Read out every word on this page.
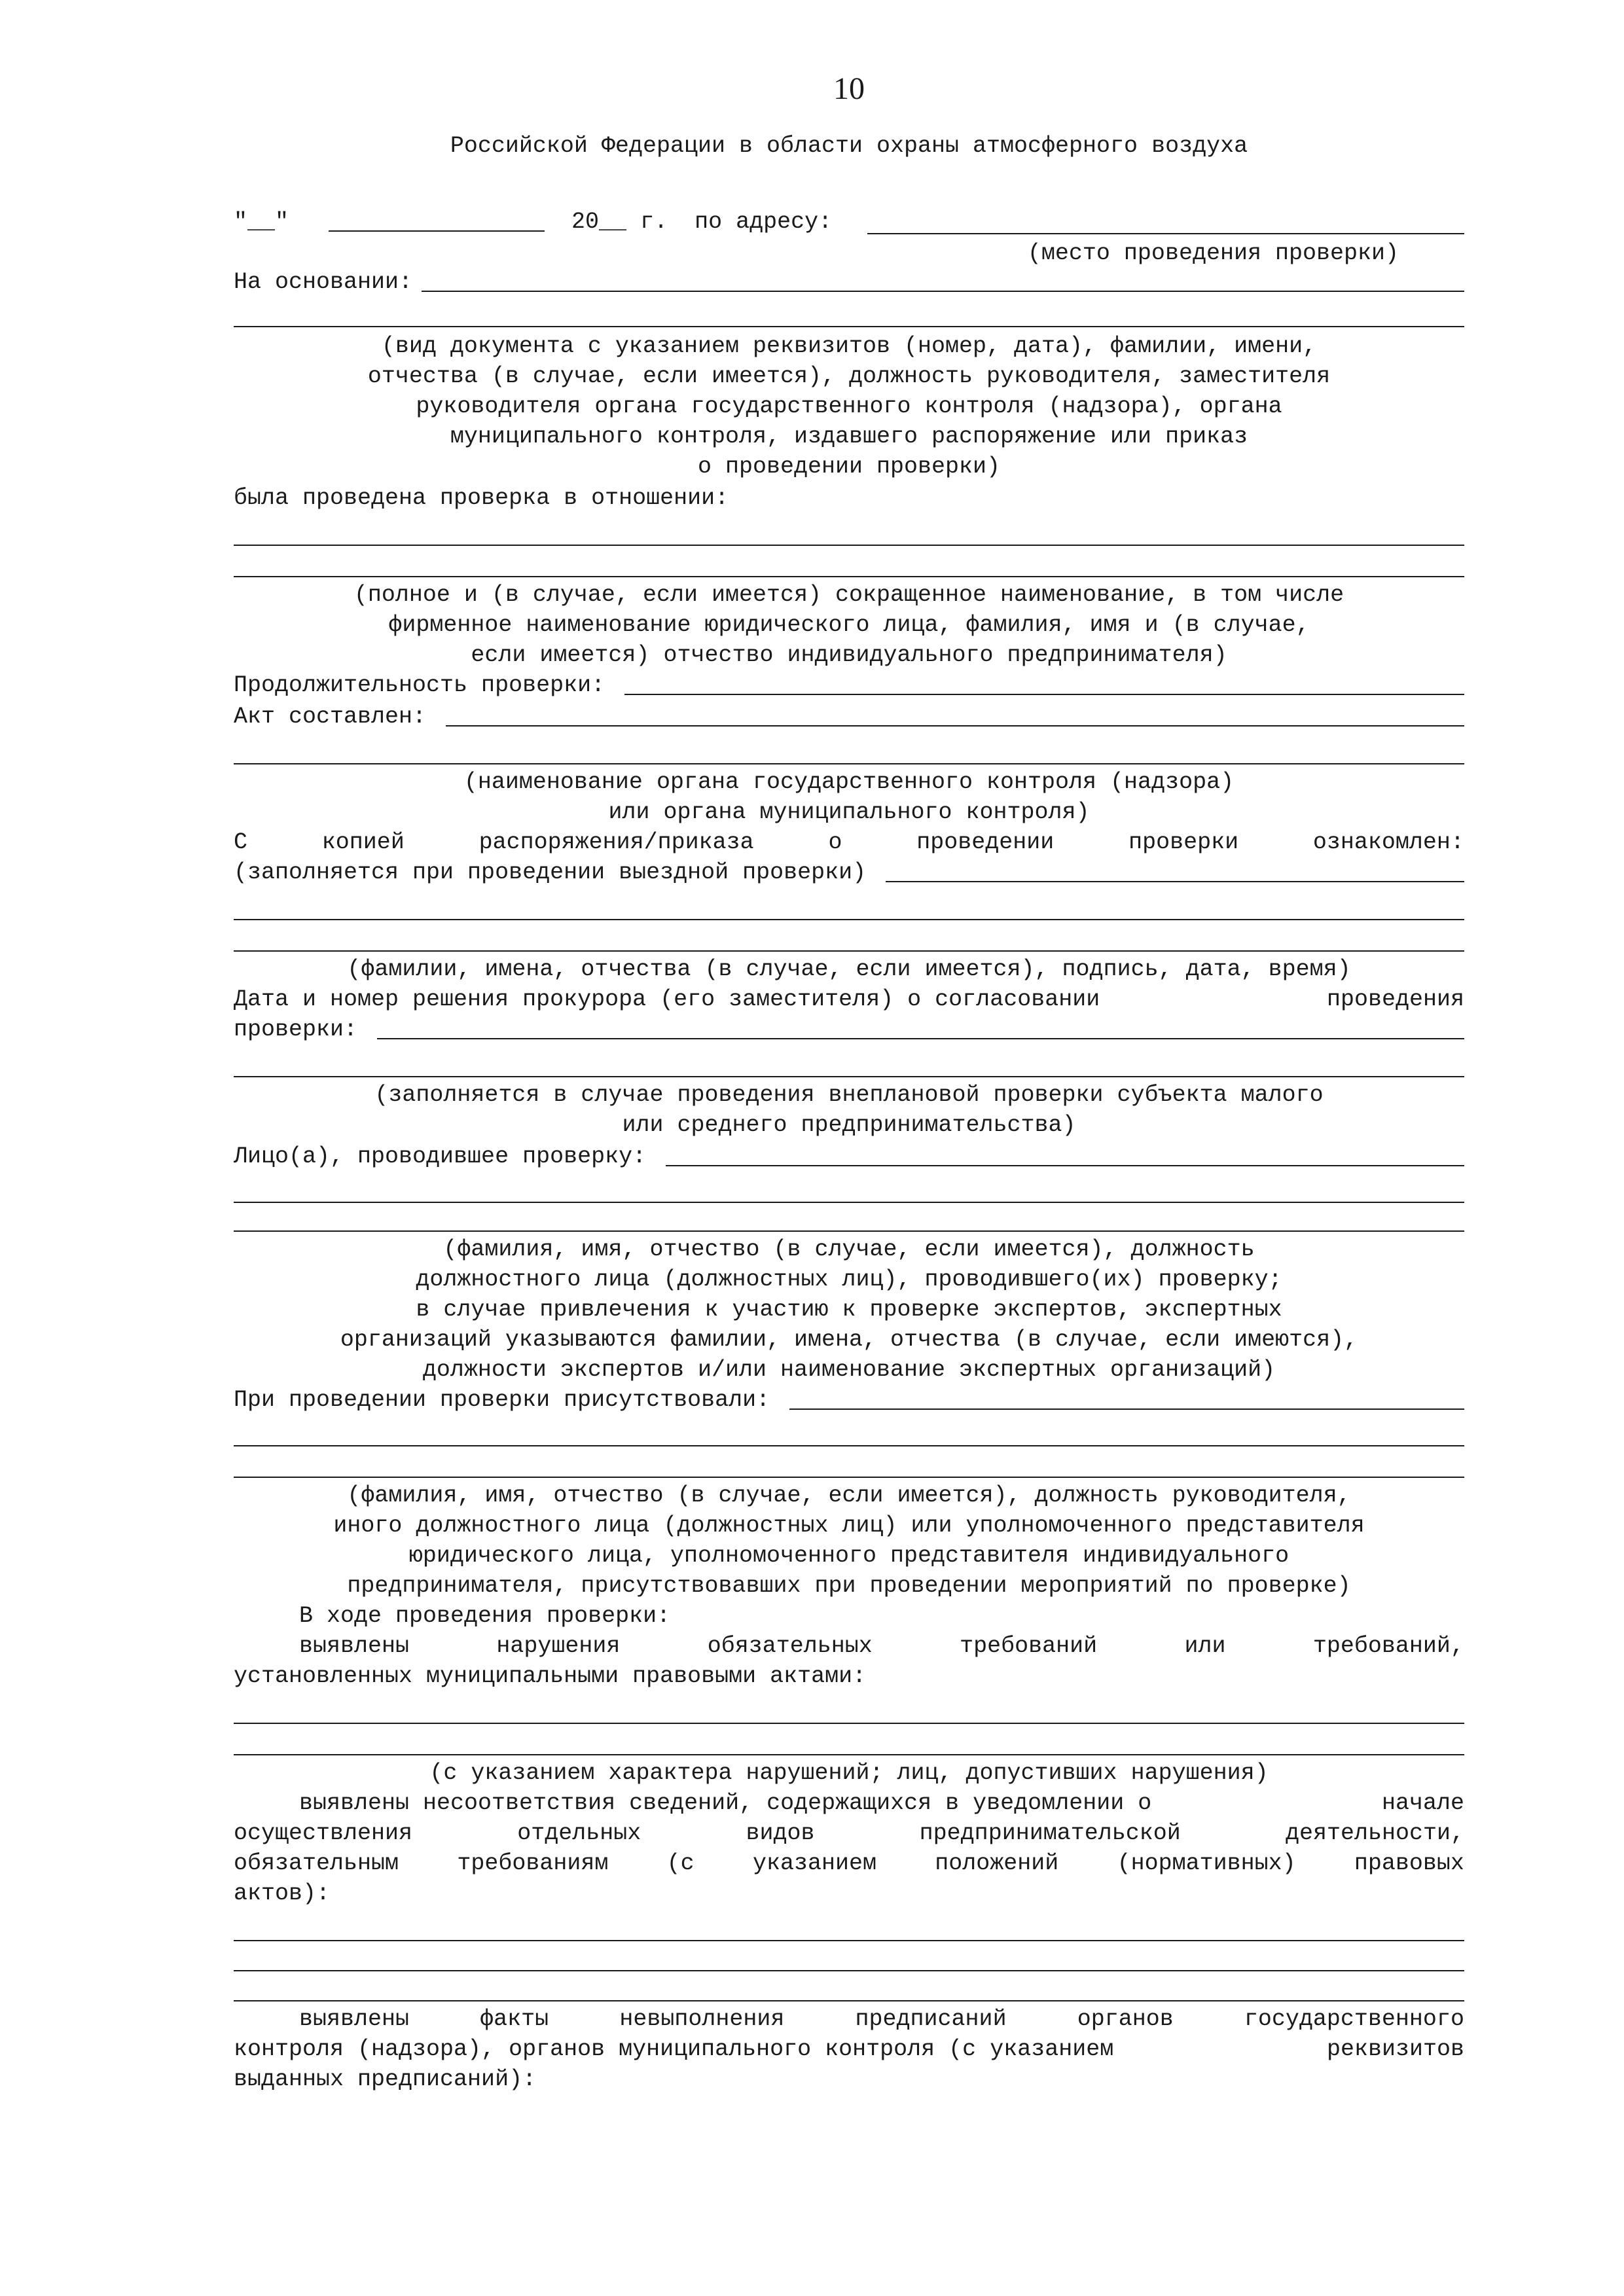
10
Российской Федерации в области охраны атмосферного воздуха
"__"	20__ г. по адресу:
(место проведения проверки)
На основании:
(вид документа с указанием реквизитов (номер, дата), фамилии, имени,
отчества (в случае, если имеется), должность руководителя, заместителя
руководителя органа государственного контроля (надзора), органа
муниципального контроля, издавшего распоряжение или приказ
о проведении проверки)
была проведена проверка в отношении:
(полное и (в случае, если имеется) сокращенное наименование, в том числе
фирменное наименование юридического лица, фамилия, имя и (в случае,
если имеется) отчество индивидуального предпринимателя)
Продолжительность проверки:
Акт составлен:
(наименование органа государственного контроля (надзора)
или органа муниципального контроля)
С	копией	распоряжения/приказа	о	проведении	проверки	ознакомлен:
(заполняется при проведении выездной проверки)
(фамилии, имена, отчества (в случае, если имеется), подпись, дата, время)
Дата и номер решения прокурора (его заместителя) о согласовании	проведения
проверки:
(заполняется в случае проведения внеплановой проверки субъекта малого
или среднего предпринимательства)
Лицо(а), проводившее проверку:
(фамилия, имя, отчество (в случае, если имеется), должность
должностного лица (должностных лиц), проводившего(их) проверку;
в случае привлечения к участию к проверке экспертов, экспертных
организаций указываются фамилии, имена, отчества (в случае, если имеются),
должности экспертов и/или наименование экспертных организаций)
При проведении проверки присутствовали:
(фамилия, имя, отчество (в случае, если имеется), должность руководителя,
иного должностного лица (должностных лиц) или уполномоченного представителя
юридического лица, уполномоченного представителя индивидуального
предпринимателя, присутствовавших при проведении мероприятий по проверке)
В ходе проведения проверки:
выявлены	нарушения	обязательных	требований	или	требований,
установленных муниципальными правовыми актами:
(с указанием характера нарушений; лиц, допустивших нарушения)
выявлены несоответствия сведений, содержащихся в уведомлении о	начале
осуществления	отдельных	видов	предпринимательской	деятельности,
обязательным	требованиям	(с	указанием	положений	(нормативных)	правовых
актов):
выявлены	факты	невыполнения	предписаний	органов	государственного
контроля (надзора), органов муниципального контроля (с указанием	реквизитов
выданных предписаний):
